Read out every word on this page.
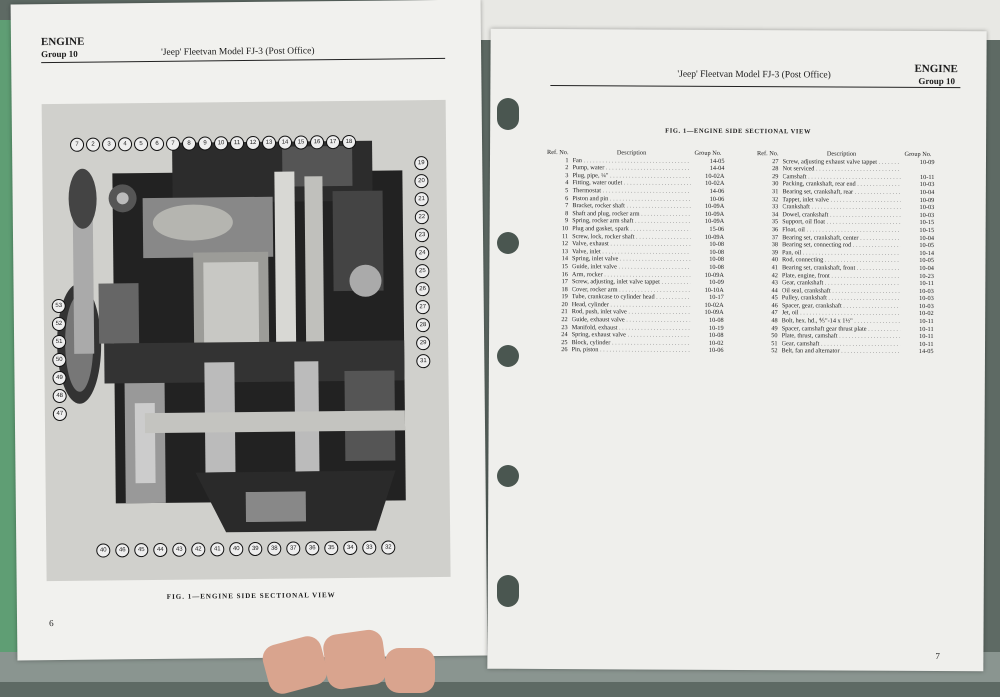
ENGINE
Group 10	'Jeep' Fleetvan Model FJ-3 (Post Office)
7	2	3	4	5	6	7	8	9	10	11	12	13	14	15	16	17	18
19
20
21
22
23
24
25
26
27
28
29
31
40	46	45	44	43	42	41	40	39	38	37	36	35	34	33	32
53
52
51
50
49
48
47
FIG. 1—ENGINE SIDE SECTIONAL VIEW
6
'Jeep' Fleetvan Model FJ-3 (Post Office)	ENGINE
Group 10
FIG. 1—ENGINE SIDE SECTIONAL VIEW
Ref. No.	Description	Group No.
1	Fan . . .	14-05
2	Pump, water . . .	14-04
3	Plug, pipe, ¼" . . .	10-02A
4	Fitting, water outlet . . .	10-02A
5	Thermostat . . .	14-06
6	Piston and pin . . .	10-06
7	Bracket, rocker shaft . . .	10-09A
8	Shaft and plug, rocker arm . . .	10-09A
9	Spring, rocker arm shaft . . .	10-09A
10	Plug and gasket, spark . . .	15-06
11	Screw, lock, rocker shaft . . .	10-09A
12	Valve, exhaust . . .	10-08
13	Valve, inlet . . .	10-08
14	Spring, inlet valve . . .	10-08
15	Guide, inlet valve . . .	10-08
16	Arm, rocker . . .	10-09A
17	Screw, adjusting, inlet valve tappet . . .	10-09
18	Cover, rocker arm . . .	10-10A
19	Tube, crankcase to cylinder head . . .	10-17
20	Head, cylinder . . .	10-02A
21	Rod, push, inlet valve . . .	10-09A
22	Guide, exhaust valve . . .	10-08
23	Manifold, exhaust . . .	10-19
24	Spring, exhaust valve . . .	10-08
25	Block, cylinder . . .	10-02
26	Pin, piston . . .	10-06
Ref. No.	Description	Group No.
27	Screw, adjusting exhaust valve tappet . . .	10-09
28	Not serviced . . .

29	Camshaft . . .	10-11
30	Packing, crankshaft, rear end . . .	10-03
31	Bearing set, crankshaft, rear . . .	10-04
32	Tappet, inlet valve . . .	10-09
33	Crankshaft . . .	10-03
34	Dowel, crankshaft . . .	10-03
35	Support, oil float . . .	10-15
36	Float, oil . . .	10-15
37	Bearing set, crankshaft, center . . .	10-04
38	Bearing set, connecting rod . . .	10-05
39	Pan, oil . . .	10-14
40	Rod, connecting . . .	10-05
41	Bearing set, crankshaft, front . . .	10-04
42	Plate, engine, front . . .	10-23
43	Gear, crankshaft . . .	10-11
44	Oil seal, crankshaft . . .	10-03
45	Pulley, crankshaft . . .	10-03
46	Spacer, gear, crankshaft . . .	10-03
47	Jet, oil . . .	10-02
48	Bolt, hex. hd., ⅘"-14 x 1½" . . .	10-11
49	Spacer, camshaft gear thrust plate . . .	10-11
50	Plate, thrust, camshaft . . .	10-11
51	Gear, camshaft . . .	10-11
52	Belt, fan and alternator . . .	14-05
7
